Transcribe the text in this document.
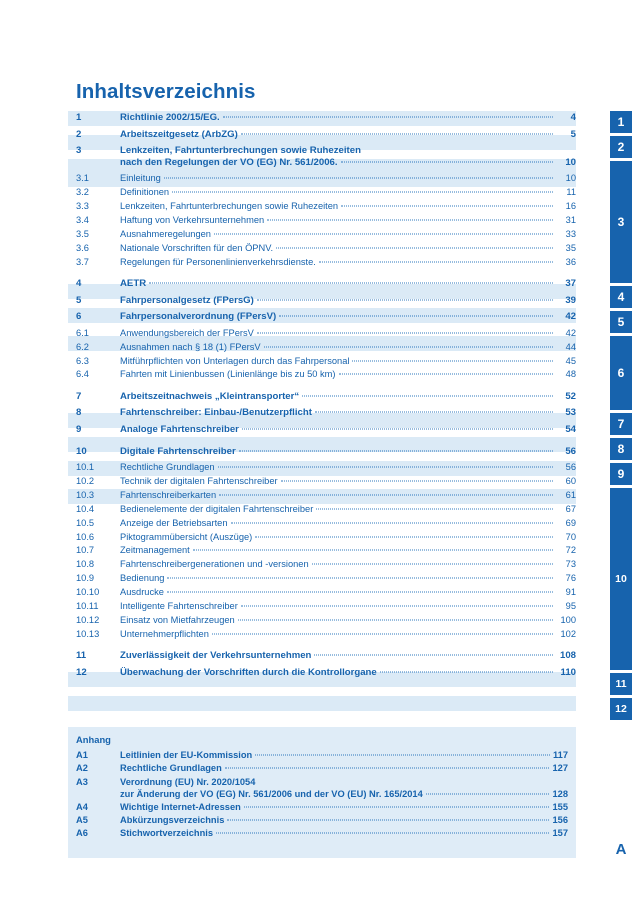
Inhaltsverzeichnis
1	Richtlinie 2002/15/EG.	4
2	Arbeitszeitgesetz (ArbZG)	5
3	Lenkzeiten, Fahrtunterbrechungen sowie Ruhezeiten
nach den Regelungen der VO (EG) Nr. 561/2006.	10
3.1	Einleitung	10
3.2	Definitionen	11
3.3	Lenkzeiten, Fahrtunterbrechungen sowie Ruhezeiten	16
3.4	Haftung von Verkehrsunternehmen	31
3.5	Ausnahmeregelungen	33
3.6	Nationale Vorschriften für den ÖPNV.	35
3.7	Regelungen für Personenlinienverkehrsdienste.	36
4	AETR	37
5	Fahrpersonalgesetz (FPersG)	39
6	Fahrpersonalverordnung (FPersV)	42
6.1	Anwendungsbereich der FPersV	42
6.2	Ausnahmen nach § 18 (1) FPersV	44
6.3	Mitführpflichten von Unterlagen durch das Fahrpersonal	45
6.4	Fahrten mit Linienbussen (Linienlänge bis zu 50 km)	48
7	Arbeitszeitnachweis „Kleintransporter“	52
8	Fahrtenschreiber: Einbau-/Benutzerpflicht	53
9	Analoge Fahrtenschreiber	54
10	Digitale Fahrtenschreiber	56
10.1	Rechtliche Grundlagen	56
10.2	Technik der digitalen Fahrtenschreiber	60
10.3	Fahrtenschreiberkarten	61
10.4	Bedienelemente der digitalen Fahrtenschreiber	67
10.5	Anzeige der Betriebsarten	69
10.6	Piktogrammübersicht (Auszüge)	70
10.7	Zeitmanagement	72
10.8	Fahrtenschreibergenerationen und -versionen	73
10.9	Bedienung	76
10.10	Ausdrucke	91
10.11	Intelligente Fahrtenschreiber	95
10.12	Einsatz von Mietfahrzeugen	100
10.13	Unternehmerpflichten	102
11	Zuverlässigkeit der Verkehrsunternehmen	108
12	Überwachung der Vorschriften durch die Kontrollorgane	110
Anhang
A1	Leitlinien der EU-Kommission	117
A2	Rechtliche Grundlagen	127
A3	Verordnung (EU) Nr. 2020/1054
zur Änderung der VO (EG) Nr. 561/2006 und der VO (EU) Nr. 165/2014	128
A4	Wichtige Internet-Adressen	155
A5	Abkürzungsverzeichnis	156
A6	Stichwortverzeichnis	157
1
2
3
4
5
6
7
8
9
10
11
12
A
